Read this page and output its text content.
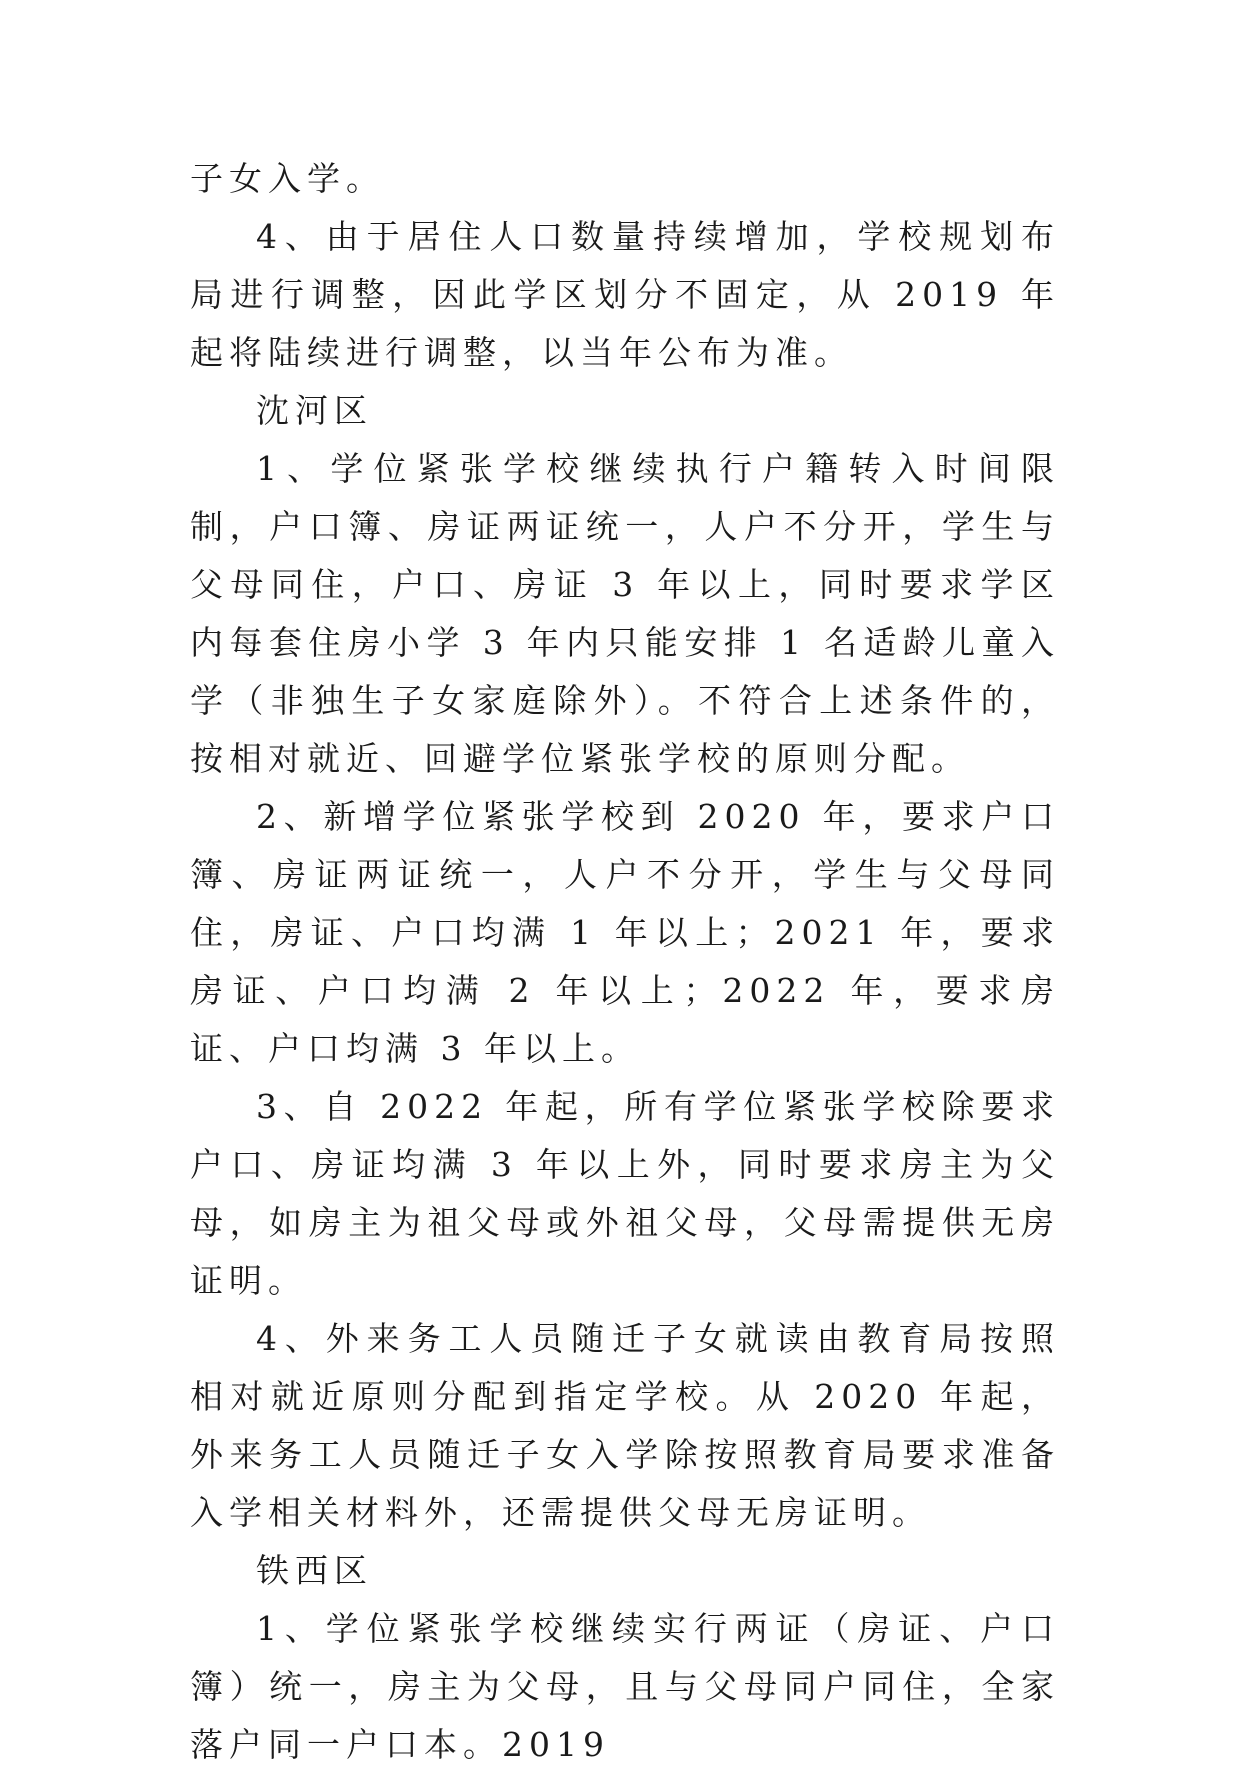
子女入学。

4、由于居住人口数量持续增加，学校规划布局进行调整，因此学区划分不固定，从 2019 年起将陆续进行调整，以当年公布为准。

沈河区

1、学位紧张学校继续执行户籍转入时间限制，户口簿、房证两证统一，人户不分开，学生与父母同住，户口、房证 3 年以上，同时要求学区内每套住房小学 3 年内只能安排 1 名适龄儿童入学（非独生子女家庭除外）。不符合上述条件的，按相对就近、回避学位紧张学校的原则分配。

2、新增学位紧张学校到 2020 年，要求户口簿、房证两证统一，人户不分开，学生与父母同住，房证、户口均满 1 年以上；2021 年，要求房证、户口均满 2 年以上；2022 年，要求房证、户口均满 3 年以上。

3、自 2022 年起，所有学位紧张学校除要求户口、房证均满 3 年以上外，同时要求房主为父母，如房主为祖父母或外祖父母，父母需提供无房证明。

4、外来务工人员随迁子女就读由教育局按照相对就近原则分配到指定学校。从 2020 年起，外来务工人员随迁子女入学除按照教育局要求准备入学相关材料外，还需提供父母无房证明。

铁西区

1、学位紧张学校继续实行两证（房证、户口簿）统一，房主为父母，且与父母同户同住，全家落户同一户口本。2019
